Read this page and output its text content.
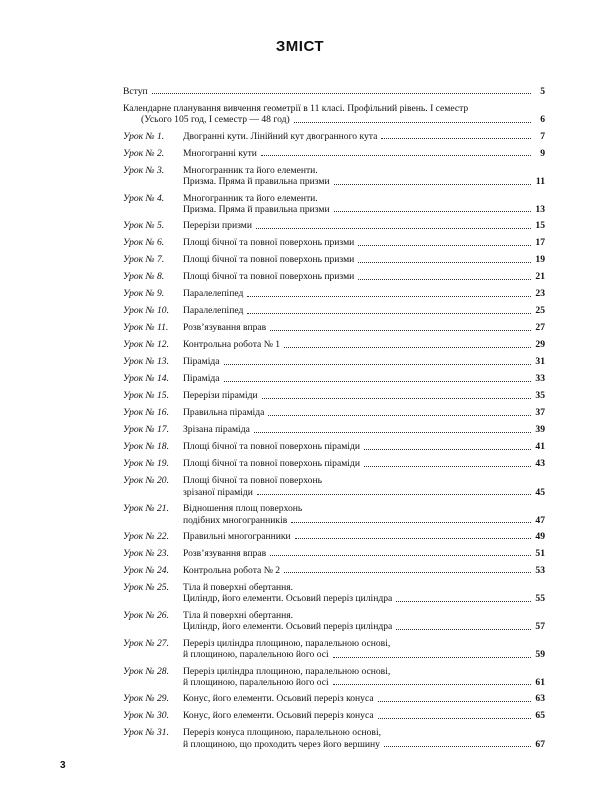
ЗМІСТ
Вступ	5
Календарне планування вивчення геометрії в 11 класі. Профільний рівень. І семестр
(Усього 105 год, І семестр — 48 год)	6
Урок № 1.	Двогранні кути. Лінійний кут двогранного кута	7
Урок № 2.	Многогранні кути	9
Урок № 3.	Многогранник та його елементи.
Призма. Пряма й правильна призми	11
Урок № 4.	Многогранник та його елементи.
Призма. Пряма й правильна призми	13
Урок № 5.	Перерізи призми	15
Урок № 6.	Площі бічної та повної поверхонь призми	17
Урок № 7.	Площі бічної та повної поверхонь призми	19
Урок № 8.	Площі бічної та повної поверхонь призми	21
Урок № 9.	Паралелепіпед	23
Урок № 10.	Паралелепіпед	25
Урок № 11.	Розв’язування вправ	27
Урок № 12.	Контрольна робота № 1	29
Урок № 13.	Піраміда	31
Урок № 14.	Піраміда	33
Урок № 15.	Перерізи піраміди	35
Урок № 16.	Правильна піраміда	37
Урок № 17.	Зрізана піраміда	39
Урок № 18.	Площі бічної та повної поверхонь піраміди	41
Урок № 19.	Площі бічної та повної поверхонь піраміди	43
Урок № 20.	Площі бічної та повної поверхонь
зрізаної піраміди	45
Урок № 21.	Відношення площ поверхонь
подібних многогранників	47
Урок № 22.	Правильні многогранники	49
Урок № 23.	Розв’язування вправ	51
Урок № 24.	Контрольна робота № 2	53
Урок № 25.	Тіла й поверхні обертання.
Циліндр, його елементи. Осьовий переріз циліндра	55
Урок № 26.	Тіла й поверхні обертання.
Циліндр, його елементи. Осьовий переріз циліндра	57
Урок № 27.	Переріз циліндра площиною, паралельною основі,
й площиною, паралельною його осі	59
Урок № 28.	Переріз циліндра площиною, паралельною основі,
й площиною, паралельною його осі	61
Урок № 29.	Конус, його елементи. Осьовий переріз конуса	63
Урок № 30.	Конус, його елементи. Осьовий переріз конуса	65
Урок № 31.	Переріз конуса площиною, паралельною основі,
й площиною, що проходить через його вершину	67
3
